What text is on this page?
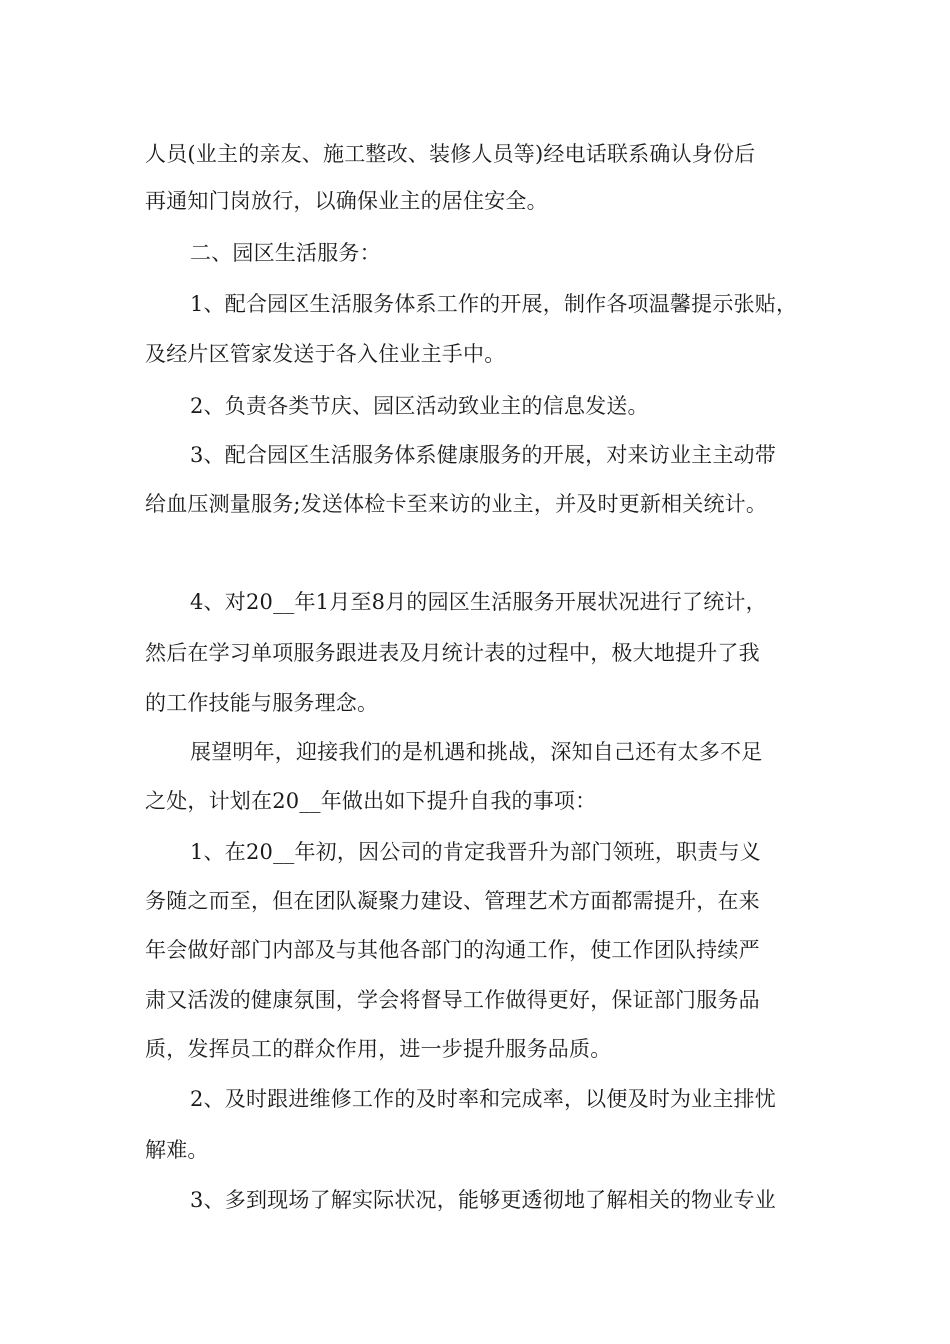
人员(业主的亲友、施工整改、装修人员等)经电话联系确认身份后
再通知门岗放行，以确保业主的居住安全。
二、园区生活服务：
1、配合园区生活服务体系工作的开展，制作各项温馨提示张贴，
及经片区管家发送于各入住业主手中。
2、负责各类节庆、园区活动致业主的信息发送。
3、配合园区生活服务体系健康服务的开展，对来访业主主动带
给血压测量服务;发送体检卡至来访的业主，并及时更新相关统计。
4、对20__年1月至8月的园区生活服务开展状况进行了统计，
然后在学习单项服务跟进表及月统计表的过程中，极大地提升了我
的工作技能与服务理念。
展望明年，迎接我们的是机遇和挑战，深知自己还有太多不足
之处，计划在20__年做出如下提升自我的事项：
1、在20__年初，因公司的肯定我晋升为部门领班，职责与义
务随之而至，但在团队凝聚力建设、管理艺术方面都需提升，在来
年会做好部门内部及与其他各部门的沟通工作，使工作团队持续严
肃又活泼的健康氛围，学会将督导工作做得更好，保证部门服务品
质，发挥员工的群众作用，进一步提升服务品质。
2、及时跟进维修工作的及时率和完成率，以便及时为业主排忧
解难。
3、多到现场了解实际状况，能够更透彻地了解相关的物业专业
